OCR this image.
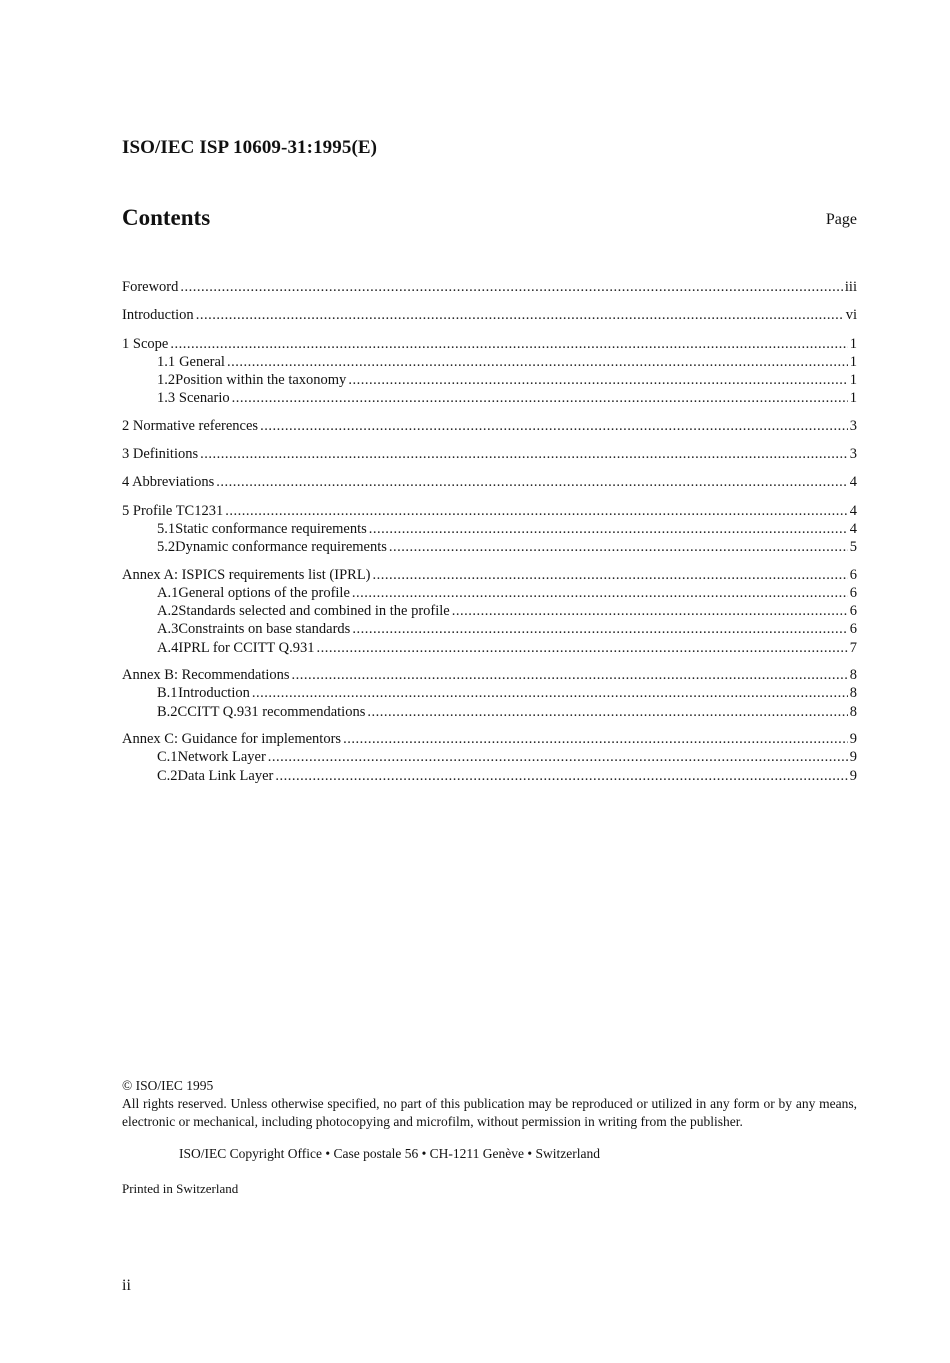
ISO/IEC ISP 10609-31:1995(E)
Contents	Page
Foreword .....	iii
Introduction .....	vi
1 Scope .....	1
1.1 General .....	1
1.2 Position within the taxonomy .....	1
1.3 Scenario .....	1
2 Normative references .....	3
3 Definitions .....	3
4 Abbreviations .....	4
5 Profile TC1231 .....	4
5.1 Static conformance requirements .....	4
5.2 Dynamic conformance requirements .....	5
Annex A: ISPICS requirements list (IPRL) .....	6
A.1 General options of the profile .....	6
A.2 Standards selected and combined in the profile .....	6
A.3 Constraints on base standards .....	6
A.4 IPRL for CCITT Q.931 .....	7
Annex B: Recommendations .....	8
B.1 Introduction .....	8
B.2 CCITT Q.931 recommendations .....	8
Annex C: Guidance for implementors .....	9
C.1 Network Layer .....	9
C.2 Data Link Layer .....	9

© ISO/IEC 1995

All rights reserved. Unless otherwise specified, no part of this publication may be reproduced or utilized in any form or by any means, electronic or mechanical, including photocopying and microfilm, without permission in writing from the publisher.

ISO/IEC Copyright Office • Case postale 56 • CH-1211 Genève • Switzerland

Printed in Switzerland

ii
